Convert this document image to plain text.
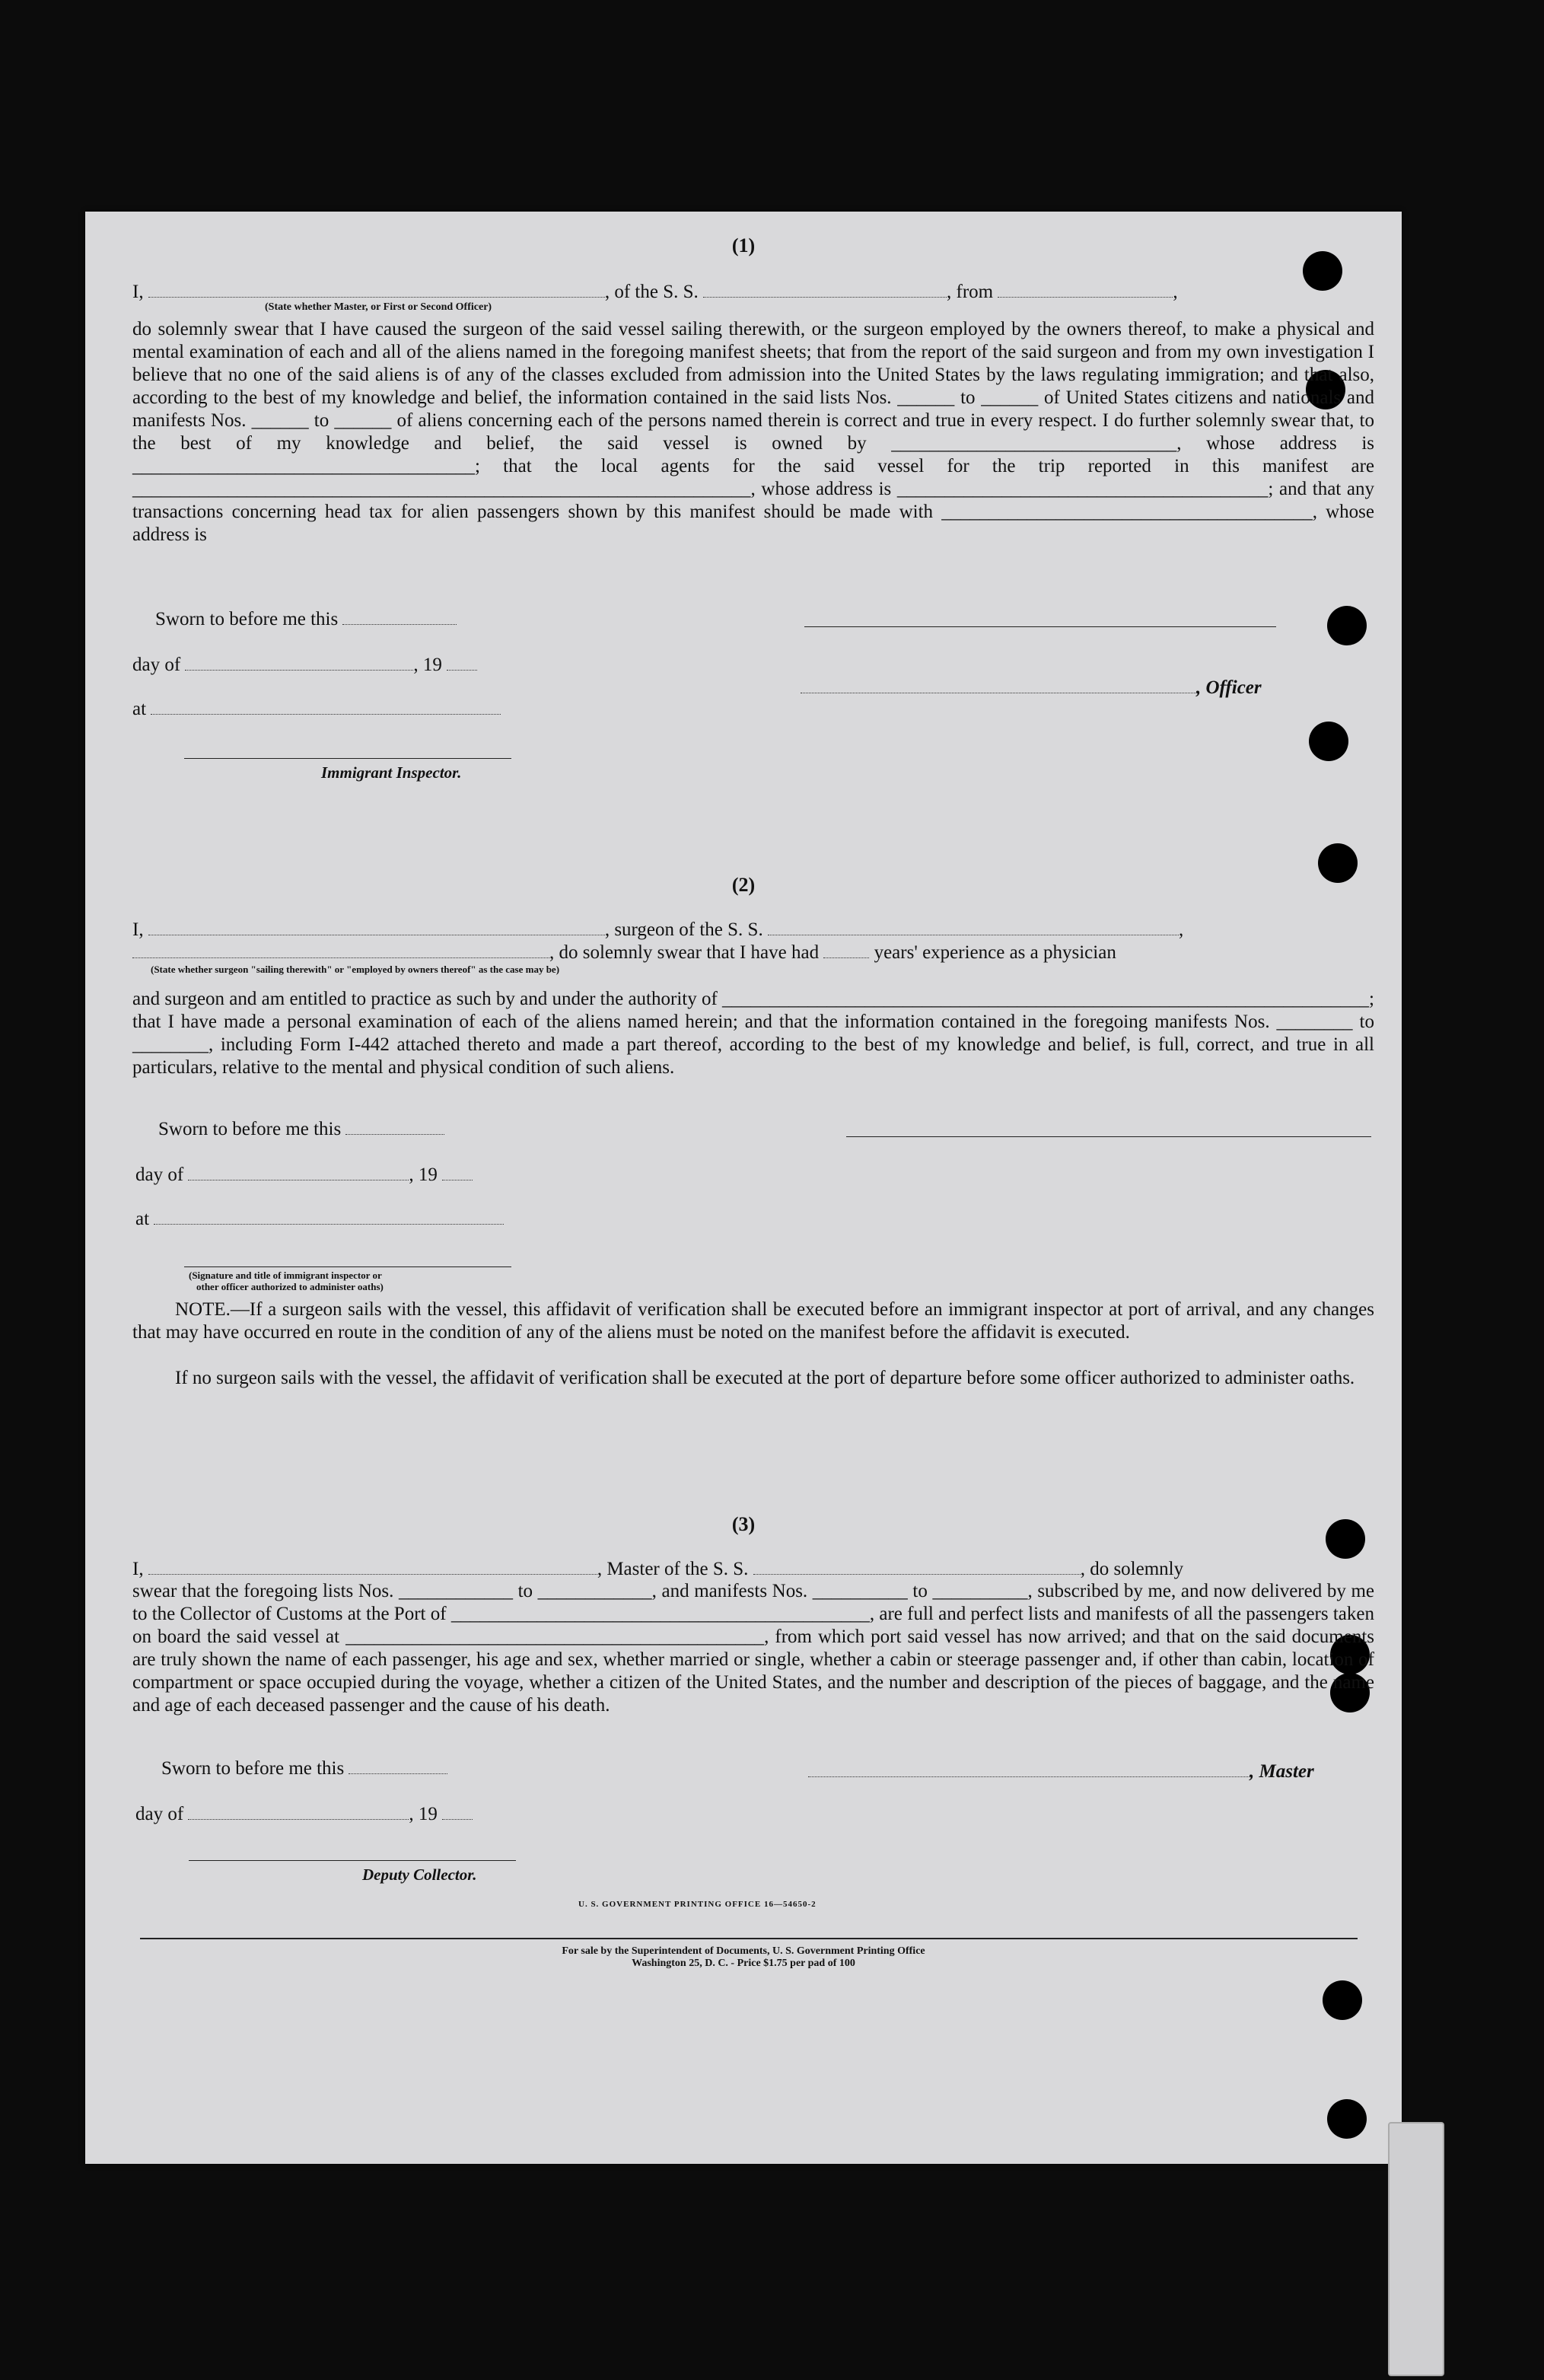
(1)
I,	, of the S. S.	, from	,
(State whether Master, or First or Second Officer)
do solemnly swear that I have caused the surgeon of the said vessel sailing therewith, or the surgeon employed by the owners thereof, to make a physical and mental examination of each and all of the aliens named in the foregoing manifest sheets; that from the report of the said surgeon and from my own investigation I believe that no one of the said aliens is of any of the classes excluded from admission into the United States by the laws regulating immigration; and that also, according to the best of my knowledge and belief, the information contained in the said lists Nos. ______ to ______ of United States citizens and nationals and manifests Nos. ______ to ______ of aliens concerning each of the persons named therein is correct and true in every respect. I do further solemnly swear that, to the best of my knowledge and belief, the said vessel is owned by ______________________________, whose address is ____________________________________; that the local agents for the said vessel for the trip reported in this manifest are _________________________________________________________________, whose address is _______________________________________; and that any transactions concerning head tax for alien passengers shown by this manifest should be made with _______________________________________, whose address is
Sworn to before me this
day of	, 19
at
Immigrant Inspector.
, Officer
(2)
I,	, surgeon of the S. S.	,
, do solemnly swear that I have had	years' experience as a physician
(State whether surgeon "sailing therewith" or "employed by owners thereof" as the case may be)
and surgeon and am entitled to practice as such by and under the authority of ____________________________________________________________________; that I have made a personal examination of each of the aliens named herein; and that the information contained in the foregoing manifests Nos. ________ to ________, including Form I-442 attached thereto and made a part thereof, according to the best of my knowledge and belief, is full, correct, and true in all particulars, relative to the mental and physical condition of such aliens.
Sworn to before me this
day of	, 19
at
(Signature and title of immigrant inspector or
other officer authorized to administer oaths)
NOTE.—If a surgeon sails with the vessel, this affidavit of verification shall be executed before an immigrant inspector at port of arrival, and any changes that may have occurred en route in the condition of any of the aliens must be noted on the manifest before the affidavit is executed.
If no surgeon sails with the vessel, the affidavit of verification shall be executed at the port of departure before some officer authorized to administer oaths.
(3)
I,	, Master of the S. S.	, do solemnly
swear that the foregoing lists Nos. ____________ to ____________, and manifests Nos. __________ to __________, subscribed by me, and now delivered by me to the Collector of Customs at the Port of ____________________________________________, are full and perfect lists and manifests of all the passengers taken on board the said vessel at ____________________________________________, from which port said vessel has now arrived; and that on the said documents are truly shown the name of each passenger, his age and sex, whether married or single, whether a cabin or steerage passenger and, if other than cabin, location of compartment or space occupied during the voyage, whether a citizen of the United States, and the number and description of the pieces of baggage, and the name and age of each deceased passenger and the cause of his death.
Sworn to before me this
day of	, 19
Deputy Collector.
, Master
U. S. GOVERNMENT PRINTING OFFICE 16—54650-2
For sale by the Superintendent of Documents, U. S. Government Printing Office
Washington 25, D. C. - Price $1.75 per pad of 100
